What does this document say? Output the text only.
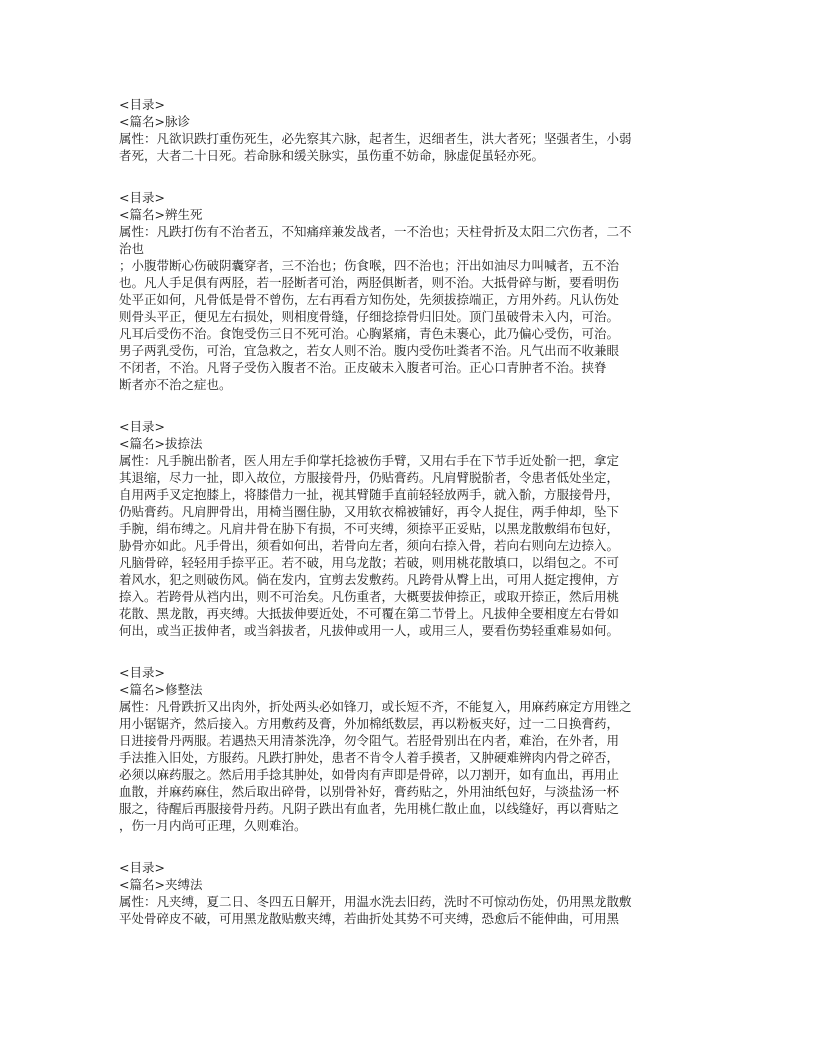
<目录>
<篇名>脉诊
属性：凡欲识跌打重伤死生，必先察其六脉，起者生，迟细者生，洪大者死；坚强者生，小弱
者死，大者二十日死。若命脉和缓关脉实，虽伤重不妨命，脉虚促虽轻亦死。
<目录>
<篇名>辨生死
属性：凡跌打伤有不治者五，不知痛痒兼发战者，一不治也；天柱骨折及太阳二穴伤者，二不
治也
；小腹带断心伤破阴囊穿者，三不治也；伤食喉，四不治也；汗出如油尽力叫喊者，五不治
也。凡人手足俱有两胫，若一胫断者可治，两胫俱断者，则不治。大抵骨碎与断，要看明伤
处平正如何，凡骨低是骨不曾伤，左右再看方知伤处，先须拔捺端正，方用外药。凡认伤处
则骨头平正，便见左右损处，则相度骨缝，仔细捻捺骨归旧处。顶门虽破骨未入内，可治。
凡耳后受伤不治。食饱受伤三日不死可治。心胸紧痛，青色未裹心，此乃偏心受伤，可治。
男子两乳受伤，可治，宜急救之，若女人则不治。腹内受伤吐粪者不治。凡气出而不收兼眼
不闭者，不治。凡肾子受伤入腹者不治。正皮破未入腹者可治。正心口青肿者不治。挟脊
断者亦不治之症也。
<目录>
<篇名>拔捺法
属性：凡手腕出骱者，医人用左手仰掌托捻被伤手臂，又用右手在下节手近处骱一把，拿定
其退缩，尽力一扯，即入故位，方服接骨丹，仍贴膏药。凡肩臂脱骱者，令患者低处坐定，
自用两手叉定抱膝上，将膝借力一扯，视其臂随手直前轻轻放两手，就入骱，方服接骨丹，
仍贴膏药。凡肩胛骨出，用椅当圈住胁，又用软衣棉被铺好，再令人捉住，两手伸却，坠下
手腕，绢布缚之。凡肩井骨在胁下有损，不可夹缚，须捺平正妥贴，以黑龙散敷绢布包好，
胁骨亦如此。凡手骨出，须看如何出，若骨向左者，须向右捺入骨，若向右则向左边捺入。
凡脑骨碎，轻轻用手捺平正。若不破，用乌龙散；若破，则用桃花散填口，以绢包之。不可
着风水，犯之则破伤风。倘在发内，宜剪去发敷药。凡跨骨从臀上出，可用人挺定搜伸，方
捺入。若跨骨从裆内出，则不可治矣。凡伤重者，大概要拔伸捺正，或取开捺正，然后用桃
花散、黑龙散，再夹缚。大抵拔伸要近处，不可覆在第二节骨上。凡拔伸全要相度左右骨如
何出，或当正拔伸者，或当斜拔者，凡拔伸或用一人，或用三人，要看伤势轻重难易如何。
<目录>
<篇名>修整法
属性：凡骨跌折又出肉外，折处两头必如锋刀，或长短不齐，不能复入，用麻药麻定方用锉之
用小锯锯齐，然后接入。方用敷药及膏，外加棉纸数层，再以粉板夹好，过一二日换膏药，
日进接骨丹两服。若遇热天用清茶洗净，勿令阻气。若胫骨别出在内者，难治，在外者，用
手法推入旧处，方服药。凡跌打肿处，患者不肯令人着手摸者，又肿硬难辨肉内骨之碎否，
必须以麻药服之。然后用手捻其肿处，如骨肉有声即是骨碎，以刀割开，如有血出，再用止
血散，并麻药麻住，然后取出碎骨，以别骨补好，膏药贴之，外用油纸包好，与淡盐汤一杯
服之，待醒后再服接骨丹药。凡阴子跌出有血者，先用桃仁散止血，以线缝好，再以膏贴之
，伤一月内尚可正理，久则难治。
<目录>
<篇名>夹缚法
属性：凡夹缚，夏二日、冬四五日解开，用温水洗去旧药，洗时不可惊动伤处，仍用黑龙散敷
平处骨碎皮不破，可用黑龙散贴敷夹缚，若曲折处其势不可夹缚，恐愈后不能伸曲，可用黑
